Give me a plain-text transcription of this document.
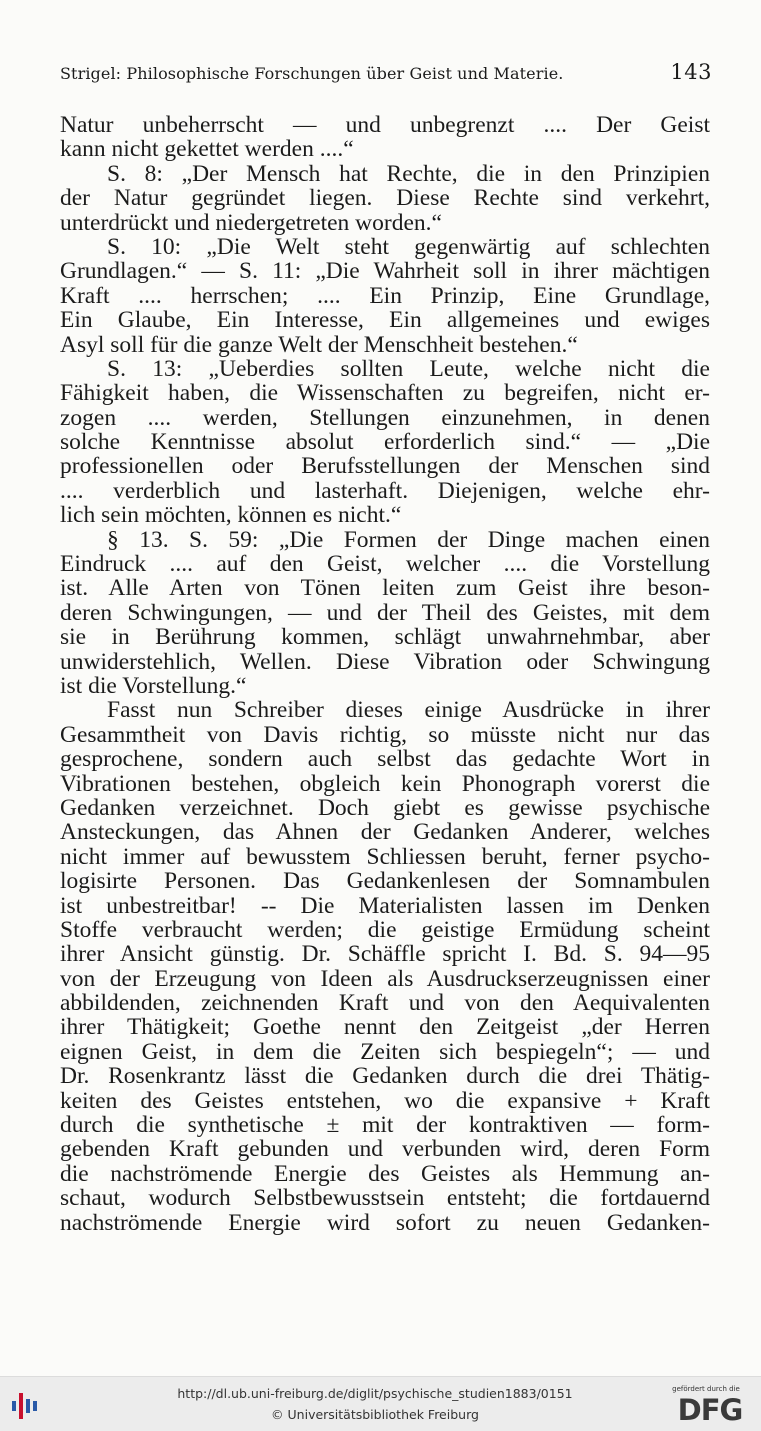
Strigel: Philosophische Forschungen über Geist und Materie.	143
Natur unbeherrscht — und unbegrenzt .... Der Geist
kann nicht gekettet werden ....“
S. 8: „Der Mensch hat Rechte, die in den Prinzipien
der Natur gegründet liegen. Diese Rechte sind verkehrt,
unterdrückt und niedergetreten worden.“
S. 10: „Die Welt steht gegenwärtig auf schlechten
Grundlagen.“ — S. 11: „Die Wahrheit soll in ihrer mächtigen
Kraft .... herrschen; .... Ein Prinzip, Eine Grundlage,
Ein Glaube, Ein Interesse, Ein allgemeines und ewiges
Asyl soll für die ganze Welt der Menschheit bestehen.“
S. 13: „Ueberdies sollten Leute, welche nicht die
Fähigkeit haben, die Wissenschaften zu begreifen, nicht er-
zogen .... werden, Stellungen einzunehmen, in denen
solche Kenntnisse absolut erforderlich sind.“ — „Die
professionellen oder Berufsstellungen der Menschen sind
.... verderblich und lasterhaft. Diejenigen, welche ehr-
lich sein möchten, können es nicht.“
§ 13. S. 59: „Die Formen der Dinge machen einen
Eindruck .... auf den Geist, welcher .... die Vorstellung
ist. Alle Arten von Tönen leiten zum Geist ihre beson-
deren Schwingungen, — und der Theil des Geistes, mit dem
sie in Berührung kommen, schlägt unwahrnehmbar, aber
unwiderstehlich, Wellen. Diese Vibration oder Schwingung
ist die Vorstellung.“
Fasst nun Schreiber dieses einige Ausdrücke in ihrer
Gesammtheit von Davis richtig, so müsste nicht nur das
gesprochene, sondern auch selbst das gedachte Wort in
Vibrationen bestehen, obgleich kein Phonograph vorerst die
Gedanken verzeichnet. Doch giebt es gewisse psychische
Ansteckungen, das Ahnen der Gedanken Anderer, welches
nicht immer auf bewusstem Schliessen beruht, ferner psycho-
logisirte Personen. Das Gedankenlesen der Somnambulen
ist unbestreitbar! -- Die Materialisten lassen im Denken
Stoffe verbraucht werden; die geistige Ermüdung scheint
ihrer Ansicht günstig. Dr. Schäffle spricht I. Bd. S. 94—95
von der Erzeugung von Ideen als Ausdruckserzeugnissen einer
abbildenden, zeichnenden Kraft und von den Aequivalenten
ihrer Thätigkeit; Goethe nennt den Zeitgeist „der Herren
eignen Geist, in dem die Zeiten sich bespiegeln“; — und
Dr. Rosenkrantz lässt die Gedanken durch die drei Thätig-
keiten des Geistes entstehen, wo die expansive + Kraft
durch die synthetische ± mit der kontraktiven — form-
gebenden Kraft gebunden und verbunden wird, deren Form
die nachströmende Energie des Geistes als Hemmung an-
schaut, wodurch Selbstbewusstsein entsteht; die fortdauernd
nachströmende Energie wird sofort zu neuen Gedanken-
http://dl.ub.uni-freiburg.de/diglit/psychische_studien1883/0151
© Universitätsbibliothek Freiburg
gefördert durch die
DFG
